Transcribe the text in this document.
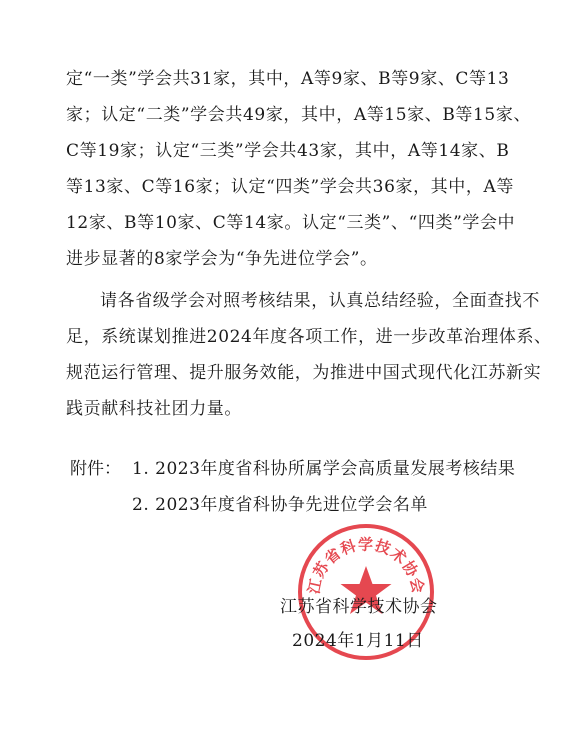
定“一类”学会共31家，其中，A等9家、B等9家、C等13
家；认定“二类”学会共49家，其中，A等15家、B等15家、
C等19家；认定“三类”学会共43家，其中，A等14家、B
等13家、C等16家；认定“四类”学会共36家，其中，A等
12家、B等10家、C等14家。认定“三类”、“四类”学会中
进步显著的8家学会为“争先进位学会”。
请各省级学会对照考核结果，认真总结经验，全面查找不
足，系统谋划推进2024年度各项工作，进一步改革治理体系、
规范运行管理、提升服务效能，为推进中国式现代化江苏新实
践贡献科技社团力量。
附件： 1. 2023年度省科协所属学会高质量发展考核结果
2. 2023年度省科协争先进位学会名单
江苏省科学技术协会
江苏省科学技术协会
2024年1月11日
